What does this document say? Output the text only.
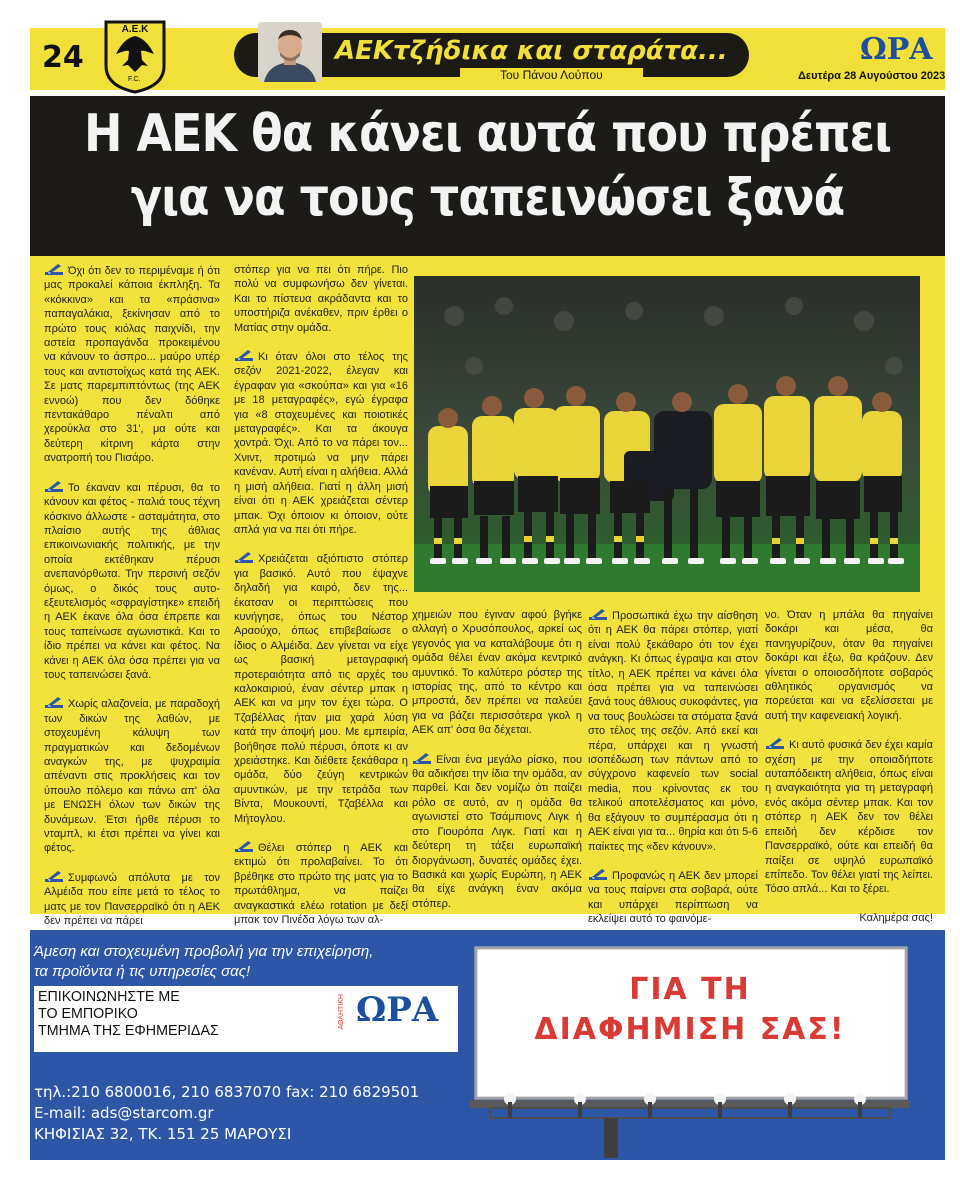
24
Α.Ε.Κ
F.C.
ΑΕΚτζήδικα και σταράτα...
Του Πάνου Λούπου
ΩΡΑ
Δευτέρα 28 Αυγούστου 2023
Η ΑΕΚ θα κάνει αυτά που πρέπει
για να τους ταπεινώσει ξανά

Όχι ότι δεν το περιμέναμε ή ότι μας προκαλεί κάποια έκπληξη. Τα «κόκκινα» και τα «πράσινα» παπαγαλάκια, ξεκίνησαν από το πρώτο τους κιόλας παιχνίδι, την αστεία προπαγάνδα προκειμένου να κάνουν το άσπρο... μαύρο υπέρ τους και αντιστοίχως κατά της ΑΕΚ. Σε ματς παρεμπιπτόντως (της ΑΕΚ εννοώ) που δεν δόθηκε πεντακάθαρο πέναλτι από χερούκλα στο 31', μα ούτε και δεύτερη κίτρινη κάρτα στην ανατροπή του Πισάρο.

Το έκαναν και πέρυσι, θα το κάνουν και φέτος - παλιά τους τέχνη κόσκινο άλλωστε - ασταμάτητα, στο πλαίσιο αυτής της άθλιας επικοινωνιακής πολιτικής, με την οποία εκτέθηκαν πέρυσι ανεπανόρθωτα. Την περσινή σεζόν όμως, ο δικός τους αυτο-εξευτελισμός «σφραγίστηκε» επειδή η ΑΕΚ έκανε όλα όσα έπρεπε και τους ταπείνωσε αγωνιστικά. Και το ίδιο πρέπει να κάνει και φέτος. Να κάνει η ΑΕΚ όλα όσα πρέπει για να τους ταπεινώσει ξανά.

Χωρίς αλαζονεία, με παραδοχή των δικών της λαθών, με στοχευμένη κάλυψη των πραγματικών και δεδομένων αναγκών της, με ψυχραιμία απέναντι στις προκλήσεις και τον ύπουλο πόλεμο και πάνω απ' όλα με ΕΝΩΣΗ όλων των δικών της δυνάμεων. Έτσι ήρθε πέρυσι το νταμπλ, κι έτσι πρέπει να γίνει και φέτος.

Συμφωνώ απόλυτα με τον Αλμέιδα που είπε μετά το τέλος το ματς με τον Πανσερραϊκό ότι η ΑΕΚ δεν πρέπει να πάρει

στόπερ για να πει ότι πήρε. Πιο πολύ να συμφωνήσω δεν γίνεται. Και το πίστευα ακράδαντα και το υποστήριζα ανέκαθεν, πριν έρθει ο Ματίας στην ομάδα.

Κι όταν όλοι στο τέλος της σεζόν 2021-2022, έλεγαν και έγραφαν για «σκούπα» και για «16 με 18 μεταγραφές», εγώ έγραφα για «8 στοχευμένες και ποιοτικές μεταγραφές». Και τα άκουγα χοντρά. Όχι. Από το να πάρει τον... Χνιντ, προτιμώ να μην πάρει κανέναν. Αυτή είναι η αλήθεια. Αλλά η μισή αλήθεια. Γιατί η άλλη μισή είναι ότι η ΑΕΚ χρειάζεται σέντερ μπακ. Όχι όποιον κι όποιον, ούτε απλά για να πει ότι πήρε.

Χρειάζεται αξιόπιστο στόπερ για βασικό. Αυτό που έψαχνε δηλαδή για καιρό, δεν της... έκατσαν οι περιπτώσεις που κυνήγησε, όπως του Νέστορ Αραούχο, όπως επιβεβαίωσε ο ίδιος ο Αλμέιδα. Δεν γίνεται να είχε ως βασική μεταγραφική προτεραιότητα από τις αρχές του καλοκαιριού, έναν σέντερ μπακ η ΑΕΚ και να μην τον έχει τώρα. Ο Τζαβέλλας ήταν μια χαρά λύση κατά την άποψή μου. Με εμπειρία, βοήθησε πολύ πέρυσι, όποτε κι αν χρειάστηκε. Και διέθετε ξεκάθαρα η ομάδα, δύο ζεύγη κεντρικών αμυντικών, με την τετράδα των Βίντα, Μουκουντί, Τζαβέλλα και Μήτογλου.

Θέλει στόπερ η ΑΕΚ και εκτιμώ ότι προλαβαίνει. Το ότι βρέθηκε στο πρώτο της ματς για το πρωτάθλημα, να παίζει αναγκαστικά ελέω rotation με δεξί μπακ τον Πινέδα λόγω των αλ-

χημειών που έγιναν αφού βγήκε αλλαγή ο Χρυσόπουλος, αρκεί ως γεγονός για να καταλάβουμε ότι η ομάδα θέλει έναν ακόμα κεντρικό αμυντικό. Το καλύτερο ρόστερ της ιστορίας της, από το κέντρο και μπροστά, δεν πρέπει να παλεύει για να βάζει περισσότερα γκολ η ΑΕΚ απ' όσα θα δέχεται.

Είναι ένα μεγάλο ρίσκο, που θα αδικήσει την ίδια την ομάδα, αν παρθεί. Και δεν νομίζω ότι παίζει ρόλο σε αυτό, αν η ομάδα θα αγωνιστεί στο Τσάμπιονς Λιγκ ή στο Γιουρόπα Λιγκ. Γιατί και η δεύτερη τη τάξει ευρωπαϊκή διοργάνωση, δυνατές ομάδες έχει. Βασικά και χωρίς Ευρώπη, η ΑΕΚ θα είχε ανάγκη έναν ακόμα στόπερ.

Προσωπικά έχω την αίσθηση ότι η ΑΕΚ θα πάρει στόπερ, γιατί είναι πολύ ξεκάθαρο ότι τον έχει ανάγκη. Κι όπως έγραψα και στον τίτλο, η ΑΕΚ πρέπει να κάνει όλα όσα πρέπει για να ταπεινώσει ξανά τους άθλιους συκοφάντες, για να τους βουλώσει τα στόματα ξανά στο τέλος της σεζόν. Από εκεί και πέρα, υπάρχει και η γνωστή ισοπέδωση των πάντων από το σύγχρονο καφενείο των social media, που κρίνοντας εκ του τελικού αποτελέσματος και μόνο, θα εξάγουν το συμπέρασμα ότι η ΑΕΚ είναι για τα... θηρία και ότι 5-6 παίκτες της «δεν κάνουν».

Προφανώς η ΑΕΚ δεν μπορεί να τους παίρνει στα σοβαρά, ούτε και υπάρχει περίπτωση να εκλείψει αυτό το φαινόμε-

νο. Όταν η μπάλα θα πηγαίνει δοκάρι και μέσα, θα πανηγυρίζουν, όταν θα πηγαίνει δοκάρι και έξω, θα κράζουν. Δεν γίνεται ο οποιοσδήποτε σοβαρός αθλητικός οργανισμός να πορεύεται και να εξελίσσεται με αυτή την καφενειακή λογική.

Κι αυτό φυσικά δεν έχει καμία σχέση με την οποιαδήποτε αυταπόδεικτη αλήθεια, όπως είναι η αναγκαιότητα για τη μεταγραφή ενός ακόμα σέντερ μπακ. Και τον στόπερ η ΑΕΚ δεν τον θέλει επειδή δεν κέρδισε τον Πανσερραϊκό, ούτε και επειδή θα παίξει σε υψηλό ευρωπαϊκό επίπεδο. Τον θέλει γιατί της λείπει. Τόσο απλά... Και το ξέρει.

Καλημέρα σας!

Άμεση και στοχευμένη προβολή για την επιχείρηση,
τα προϊόντα ή τις υπηρεσίες σας!
ΕΠΙΚΟΙΝΩΝΗΣΤΕ ΜΕ
ΤΟ ΕΜΠΟΡΙΚΟ
ΤΜΗΜΑ ΤΗΣ ΕΦΗΜΕΡΙΔΑΣ
ΑΘΛΗΤΙΚΗ ΩΡΑ
τηλ.:210 6800016, 210 6837070 fax: 210 6829501
E-mail: ads@starcom.gr
ΚΗΦΙΣΙΑΣ 32, ΤΚ. 151 25 ΜΑΡΟΥΣΙ
ΓΙΑ ΤΗ
ΔΙΑΦΗΜΙΣΗ ΣΑΣ!
